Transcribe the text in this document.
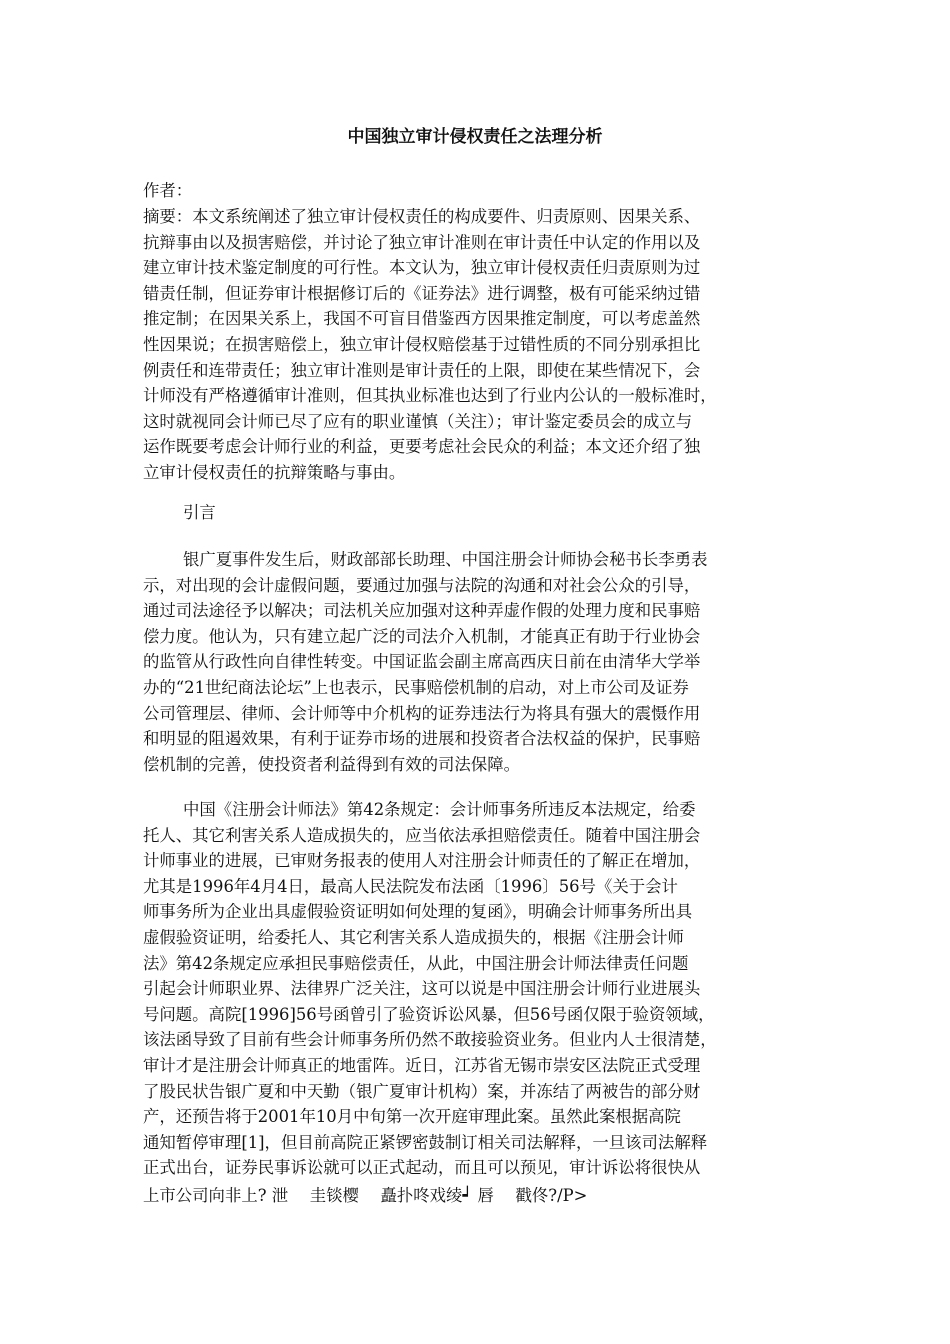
中国独立审计侵权责任之法理分析
作者：
摘要：本文系统阐述了独立审计侵权责任的构成要件、归责原则、因果关系、
抗辩事由以及损害赔偿，并讨论了独立审计准则在审计责任中认定的作用以及
建立审计技术鉴定制度的可行性。本文认为，独立审计侵权责任归责原则为过
错责任制，但证券审计根据修订后的《证券法》进行调整，极有可能采纳过错
推定制；在因果关系上，我国不可盲目借鉴西方因果推定制度，可以考虑盖然
性因果说；在损害赔偿上，独立审计侵权赔偿基于过错性质的不同分别承担比
例责任和连带责任；独立审计准则是审计责任的上限，即使在某些情况下，会
计师没有严格遵循审计准则，但其执业标准也达到了行业内公认的一般标准时，
这时就视同会计师已尽了应有的职业谨慎（关注）；审计鉴定委员会的成立与
运作既要考虑会计师行业的利益，更要考虑社会民众的利益；本文还介绍了独
立审计侵权责任的抗辩策略与事由。
引言
银广夏事件发生后，财政部部长助理、中国注册会计师协会秘书长李勇表
示，对出现的会计虚假问题，要通过加强与法院的沟通和对社会公众的引导，
通过司法途径予以解决；司法机关应加强对这种弄虚作假的处理力度和民事赔
偿力度。他认为，只有建立起广泛的司法介入机制，才能真正有助于行业协会
的监管从行政性向自律性转变。中国证监会副主席高西庆日前在由清华大学举
办的“21世纪商法论坛”上也表示，民事赔偿机制的启动，对上市公司及证券
公司管理层、律师、会计师等中介机构的证券违法行为将具有强大的震慑作用
和明显的阻遏效果，有利于证券市场的进展和投资者合法权益的保护，民事赔
偿机制的完善，使投资者利益得到有效的司法保障。
中国《注册会计师法》第42条规定：会计师事务所违反本法规定，给委
托人、其它利害关系人造成损失的，应当依法承担赔偿责任。随着中国注册会
计师事业的进展，已审财务报表的使用人对注册会计师责任的了解正在增加，
尤其是1996年4月4日，最高人民法院发布法函〔1996〕56号《关于会计
师事务所为企业出具虚假验资证明如何处理的复函》，明确会计师事务所出具
虚假验资证明，给委托人、其它利害关系人造成损失的，根据《注册会计师
法》第42条规定应承担民事赔偿责任，从此，中国注册会计师法律责任问题
引起会计师职业界、法律界广泛关注，这可以说是中国注册会计师行业进展头
号问题。高院[1996]56号函曾引了验资诉讼风暴，但56号函仅限于验资领域，
该法函导致了目前有些会计师事务所仍然不敢接验资业务。但业内人士很清楚，
审计才是注册会计师真正的地雷阵。近日，江苏省无锡市崇安区法院正式受理
了股民状告银广夏和中天勤（银广夏审计机构）案，并冻结了两被告的部分财
产，还预告将于2001年10月中旬第一次开庭审理此案。虽然此案根据高院
通知暂停审理[1]，但目前高院正紧锣密鼓制订相关司法解释，一旦该司法解释
正式出台，证券民事诉讼就可以正式起动，而且可以预见，审计诉讼将很快从
上市公司向非上? 泄　 圭锬樱　 矗扑咚戏绫┙ 唇　 戳佟?/P>
